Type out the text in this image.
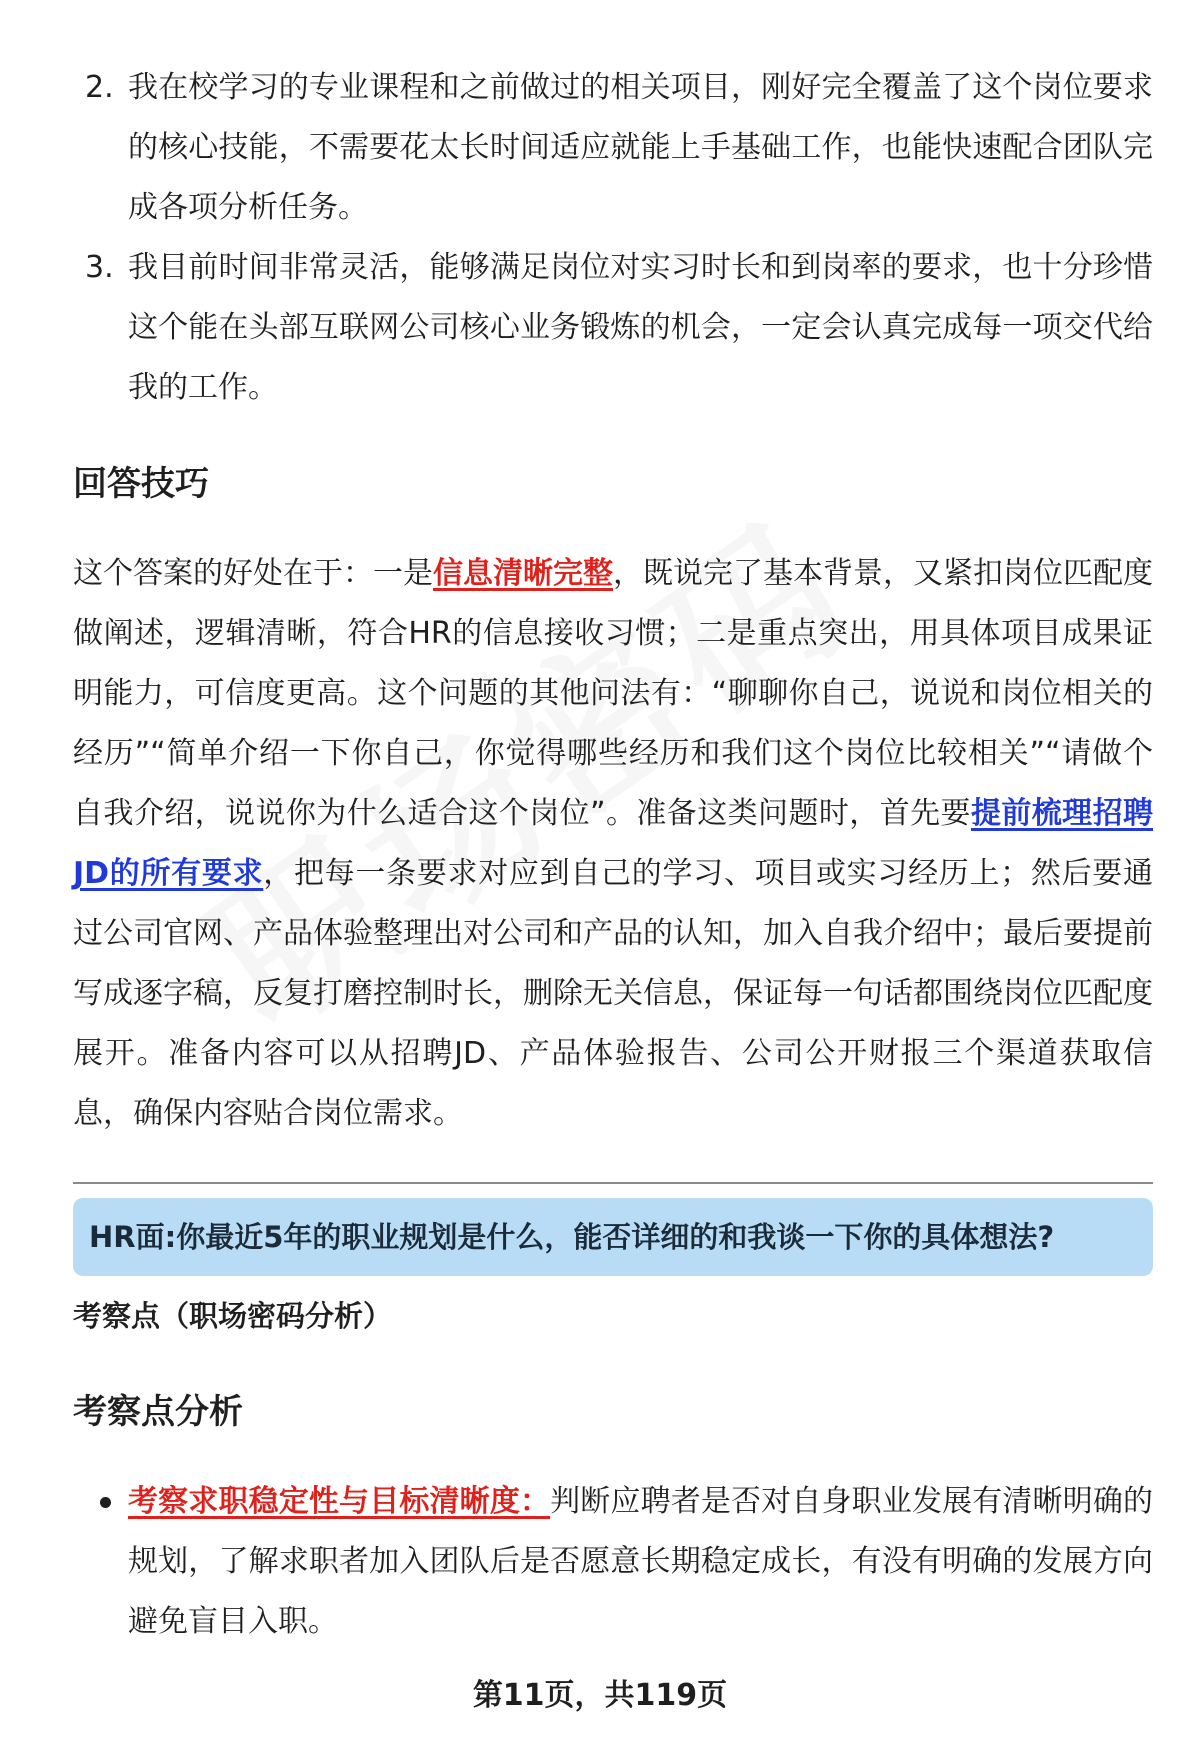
2. 我在校学习的专业课程和之前做过的相关项目，刚好完全覆盖了这个岗位要求的核心技能，不需要花太长时间适应就能上手基础工作，也能快速配合团队完成各项分析任务。
3. 我目前时间非常灵活，能够满足岗位对实习时长和到岗率的要求，也十分珍惜这个能在头部互联网公司核心业务锻炼的机会，一定会认真完成每一项交代给我的工作。
回答技巧

这个答案的好处在于：一是信息清晰完整，既说完了基本背景，又紧扣岗位匹配度做阐述，逻辑清晰，符合HR的信息接收习惯；二是重点突出，用具体项目成果证明能力，可信度更高。这个问题的其他问法有：“聊聊你自己，说说和岗位相关的经历”“简单介绍一下你自己，你觉得哪些经历和我们这个岗位比较相关”“请做个自我介绍，说说你为什么适合这个岗位”。准备这类问题时，首先要提前梳理招聘JD的所有要求，把每一条要求对应到自己的学习、项目或实习经历上；然后要通过公司官网、产品体验整理出对公司和产品的认知，加入自我介绍中；最后要提前写成逐字稿，反复打磨控制时长，删除无关信息，保证每一句话都围绕岗位匹配度展开。准备内容可以从招聘JD、产品体验报告、公司公开财报三个渠道获取信息，确保内容贴合岗位需求。

HR面:你最近5年的职业规划是什么，能否详细的和我谈一下你的具体想法?
考察点（职场密码分析）
考察点分析
考察求职稳定性与目标清晰度：判断应聘者是否对自身职业发展有清晰明确的规划，了解求职者加入团队后是否愿意长期稳定成长，有没有明确的发展方向避免盲目入职。
第11页，共119页
